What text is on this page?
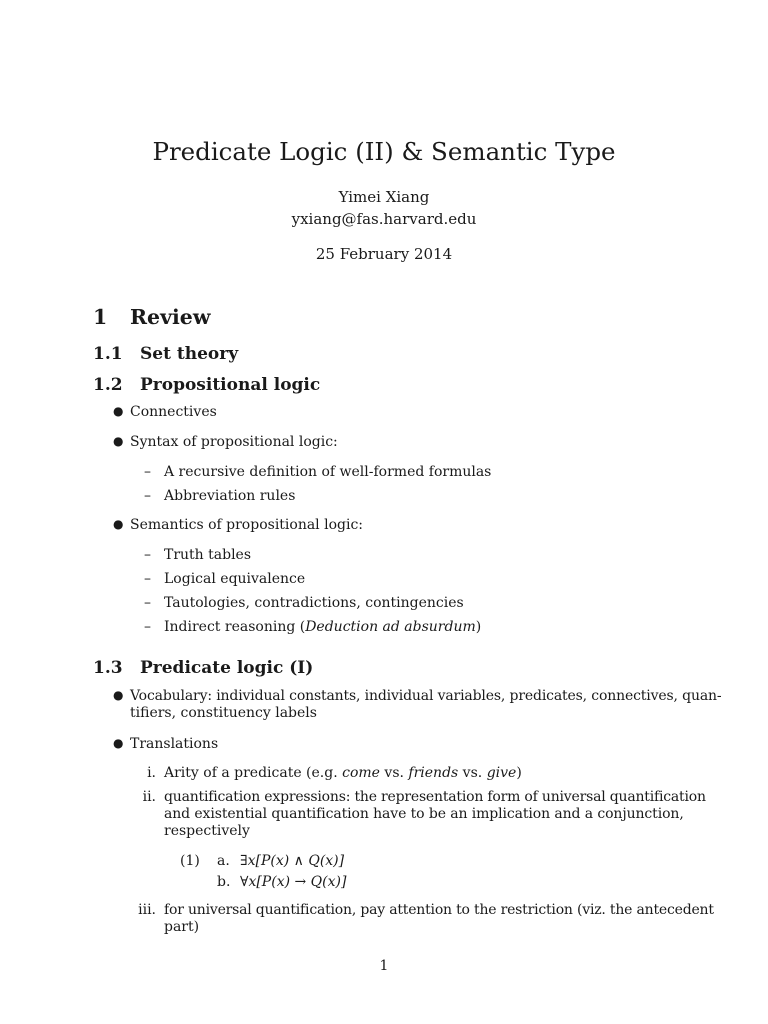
Predicate Logic (II) & Semantic Type
Yimei Xiang
yxiang@fas.harvard.edu
25 February 2014
1 Review
1.1 Set theory
1.2 Propositional logic
● Connectives
● Syntax of propositional logic:
– A recursive definition of well-formed formulas
– Abbreviation rules
● Semantics of propositional logic:
– Truth tables
– Logical equivalence
– Tautologies, contradictions, contingencies
– Indirect reasoning (Deduction ad absurdum)
1.3 Predicate logic (I)
● Vocabulary: individual constants, individual variables, predicates, connectives, quan-
tifiers, constituency labels
● Translations
i. Arity of a predicate (e.g. come vs. friends vs. give)
ii. quantification expressions: the representation form of universal quantification
and existential quantification have to be an implication and a conjunction,
respectively
(1) a. ∃x[P(x) ∧ Q(x)]
b. ∀x[P(x) → Q(x)]
iii. for universal quantification, pay attention to the restriction (viz. the antecedent
part)
1
